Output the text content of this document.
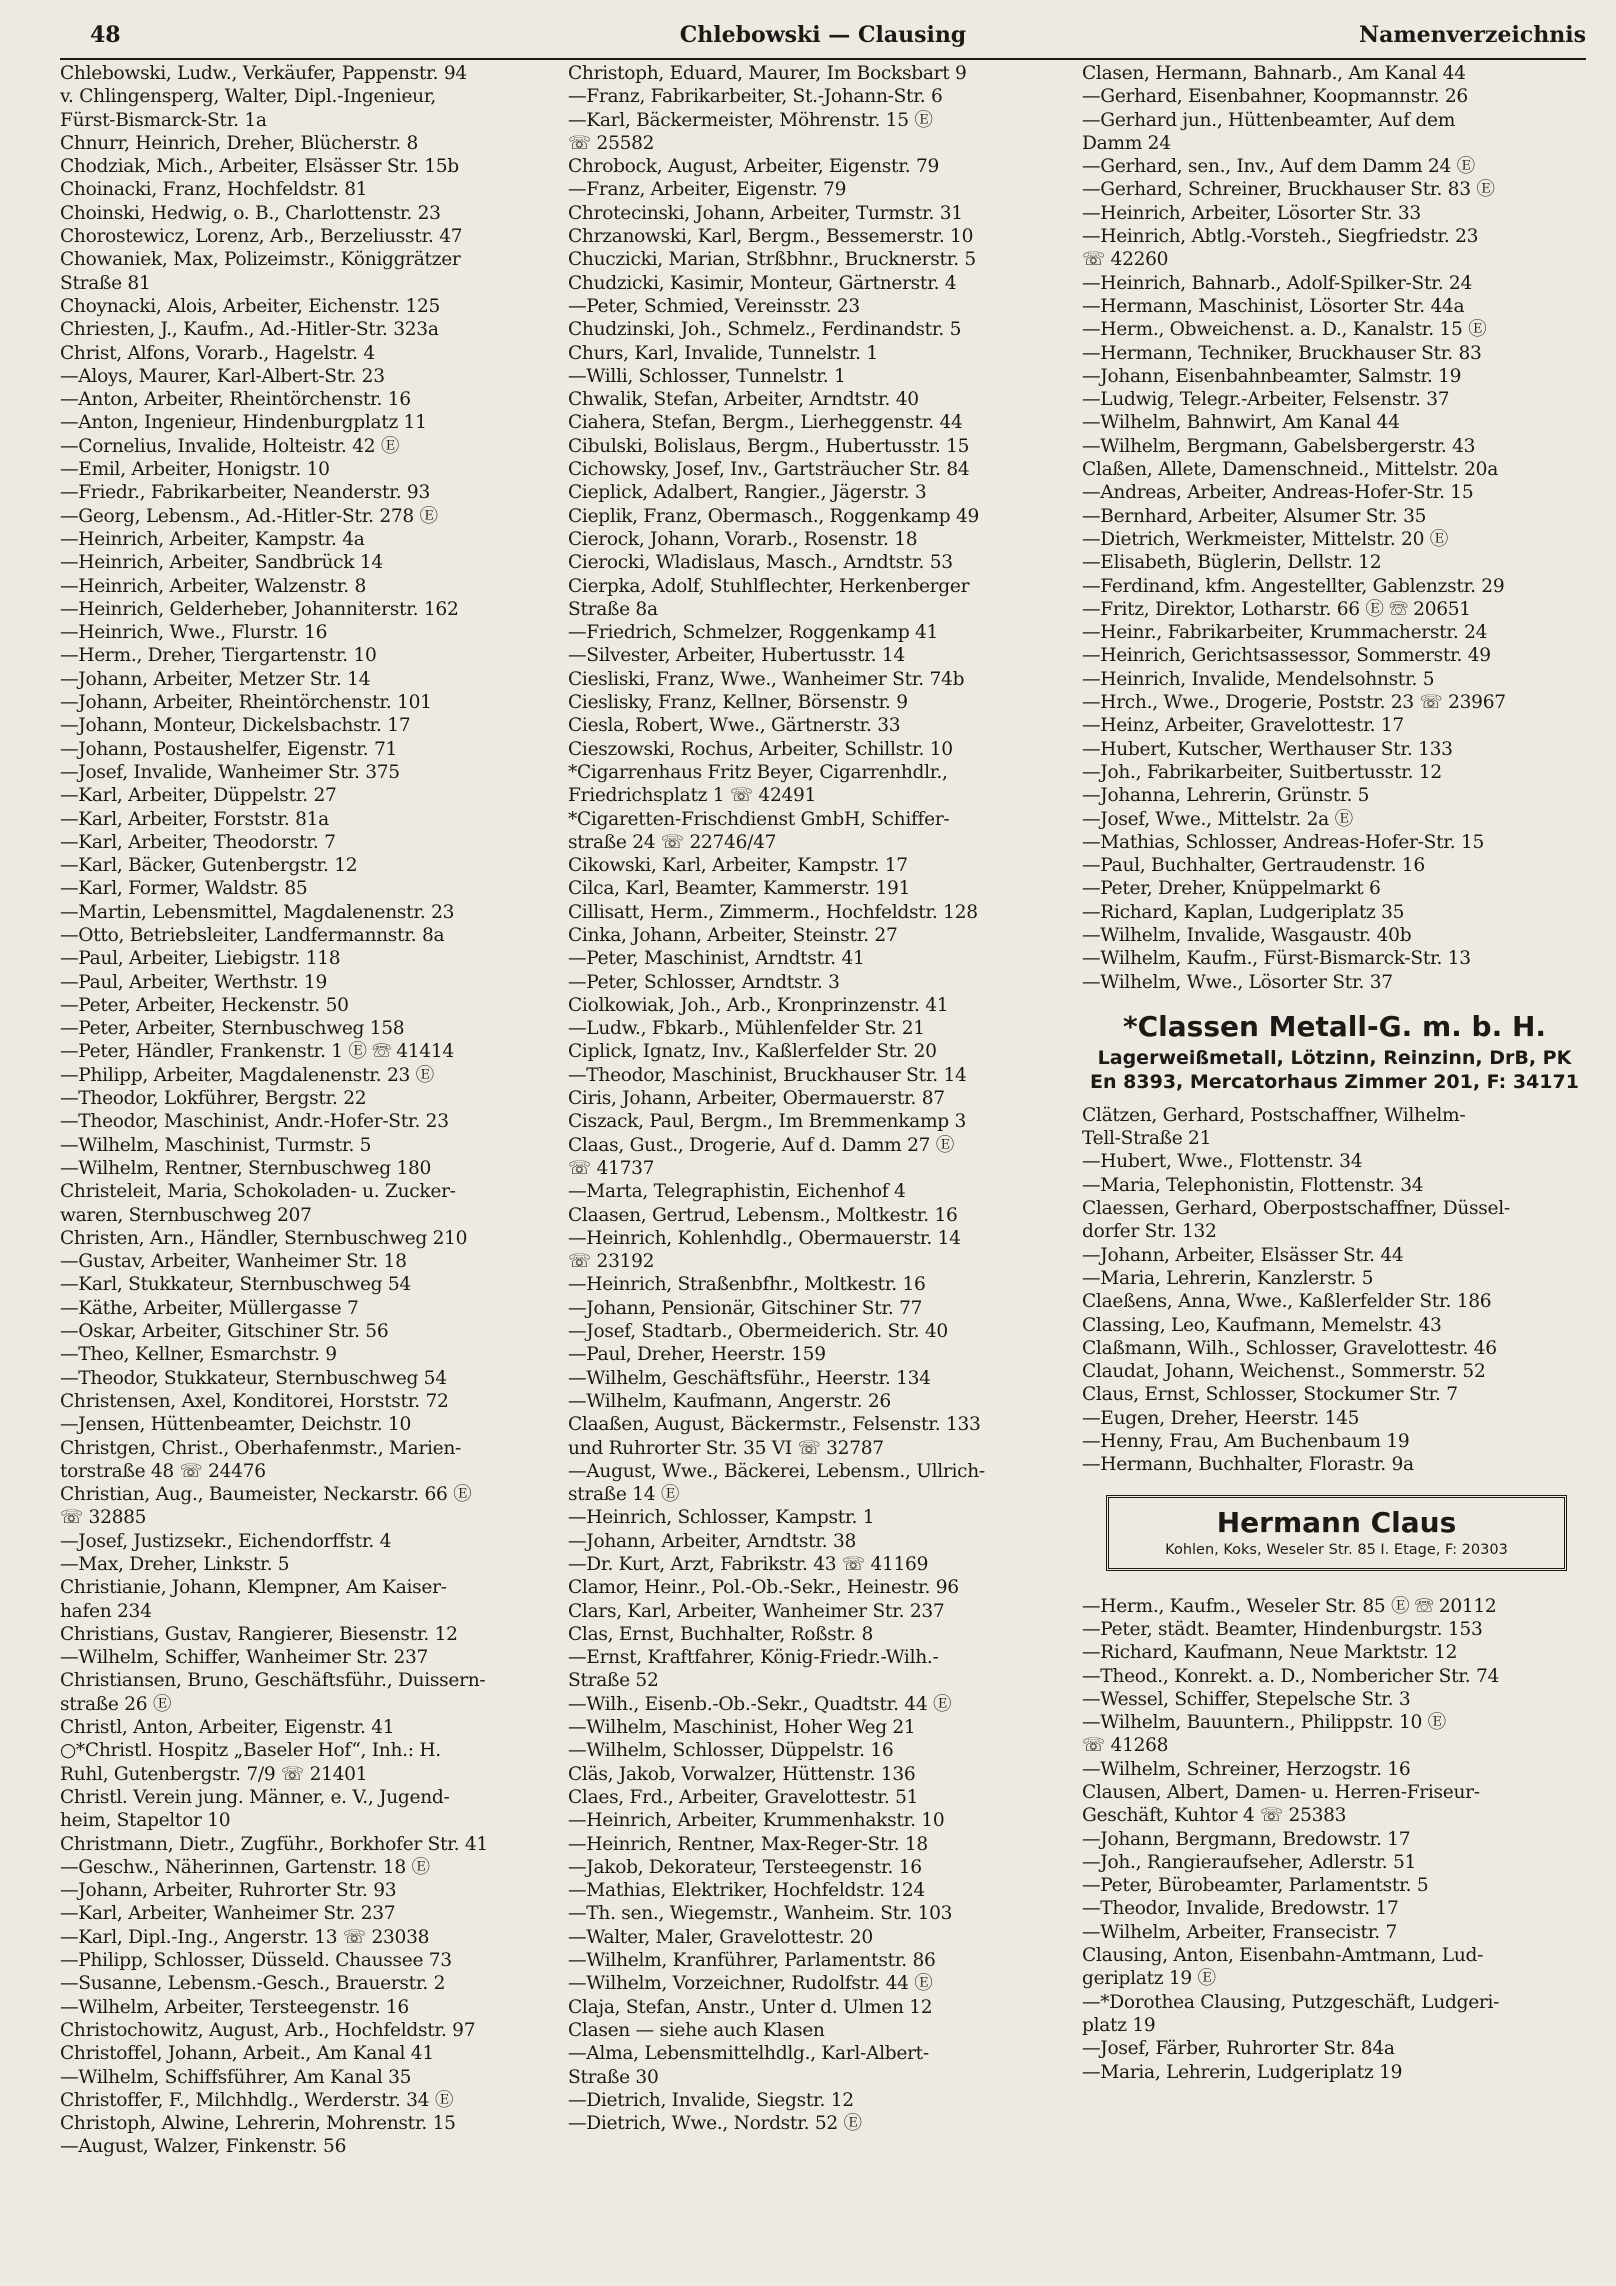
48	Chlebowski — Clausing	Namenverzeichnis
Chlebowski, Ludw., Verkäufer, Pappenstr. 94
v. Chlingensperg, Walter, Dipl.-Ingenieur,
Fürst-Bismarck-Str. 1a
Chnurr, Heinrich, Dreher, Blücherstr. 8
Chodziak, Mich., Arbeiter, Elsässer Str. 15b
Choinacki, Franz, Hochfeldstr. 81
Choinski, Hedwig, o. B., Charlottenstr. 23
Chorostewicz, Lorenz, Arb., Berzeliusstr. 47
Chowaniek, Max, Polizeimstr., Königgrätzer
Straße 81
Choynacki, Alois, Arbeiter, Eichenstr. 125
Chriesten, J., Kaufm., Ad.-Hitler-Str. 323a
Christ, Alfons, Vorarb., Hagelstr. 4
—Aloys, Maurer, Karl-Albert-Str. 23
—Anton, Arbeiter, Rheintörchenstr. 16
—Anton, Ingenieur, Hindenburgplatz 11
—Cornelius, Invalide, Holteistr. 42 Ⓔ
—Emil, Arbeiter, Honigstr. 10
—Friedr., Fabrikarbeiter, Neanderstr. 93
—Georg, Lebensm., Ad.-Hitler-Str. 278 Ⓔ
—Heinrich, Arbeiter, Kampstr. 4a
—Heinrich, Arbeiter, Sandbrück 14
—Heinrich, Arbeiter, Walzenstr. 8
—Heinrich, Gelderheber, Johanniterstr. 162
—Heinrich, Wwe., Flurstr. 16
—Herm., Dreher, Tiergartenstr. 10
—Johann, Arbeiter, Metzer Str. 14
—Johann, Arbeiter, Rheintörchenstr. 101
—Johann, Monteur, Dickelsbachstr. 17
—Johann, Postaushelfer, Eigenstr. 71
—Josef, Invalide, Wanheimer Str. 375
—Karl, Arbeiter, Düppelstr. 27
—Karl, Arbeiter, Forststr. 81a
—Karl, Arbeiter, Theodorstr. 7
—Karl, Bäcker, Gutenbergstr. 12
—Karl, Former, Waldstr. 85
—Martin, Lebensmittel, Magdalenenstr. 23
—Otto, Betriebsleiter, Landfermannstr. 8a
—Paul, Arbeiter, Liebigstr. 118
—Paul, Arbeiter, Werthstr. 19
—Peter, Arbeiter, Heckenstr. 50
—Peter, Arbeiter, Sternbuschweg 158
—Peter, Händler, Frankenstr. 1 Ⓔ ☏ 41414
—Philipp, Arbeiter, Magdalenenstr. 23 Ⓔ
—Theodor, Lokführer, Bergstr. 22
—Theodor, Maschinist, Andr.-Hofer-Str. 23
—Wilhelm, Maschinist, Turmstr. 5
—Wilhelm, Rentner, Sternbuschweg 180
Christeleit, Maria, Schokoladen- u. Zucker-
waren, Sternbuschweg 207
Christen, Arn., Händler, Sternbuschweg 210
—Gustav, Arbeiter, Wanheimer Str. 18
—Karl, Stukkateur, Sternbuschweg 54
—Käthe, Arbeiter, Müllergasse 7
—Oskar, Arbeiter, Gitschiner Str. 56
—Theo, Kellner, Esmarchstr. 9
—Theodor, Stukkateur, Sternbuschweg 54
Christensen, Axel, Konditorei, Horststr. 72
—Jensen, Hüttenbeamter, Deichstr. 10
Christgen, Christ., Oberhafenmstr., Marien-
torstraße 48 ☏ 24476
Christian, Aug., Baumeister, Neckarstr. 66 Ⓔ
☏ 32885
—Josef, Justizsekr., Eichendorffstr. 4
—Max, Dreher, Linkstr. 5
Christianie, Johann, Klempner, Am Kaiser-
hafen 234
Christians, Gustav, Rangierer, Biesenstr. 12
—Wilhelm, Schiffer, Wanheimer Str. 237
Christiansen, Bruno, Geschäftsführ., Duissern-
straße 26 Ⓔ
Christl, Anton, Arbeiter, Eigenstr. 41
○*Christl. Hospitz „Baseler Hof“, Inh.: H.
Ruhl, Gutenbergstr. 7/9 ☏ 21401
Christl. Verein jung. Männer, e. V., Jugend-
heim, Stapeltor 10
Christmann, Dietr., Zugführ., Borkhofer Str. 41
—Geschw., Näherinnen, Gartenstr. 18 Ⓔ
—Johann, Arbeiter, Ruhrorter Str. 93
—Karl, Arbeiter, Wanheimer Str. 237
—Karl, Dipl.-Ing., Angerstr. 13 ☏ 23038
—Philipp, Schlosser, Düsseld. Chaussee 73
—Susanne, Lebensm.-Gesch., Brauerstr. 2
—Wilhelm, Arbeiter, Tersteegenstr. 16
Christochowitz, August, Arb., Hochfeldstr. 97
Christoffel, Johann, Arbeit., Am Kanal 41
—Wilhelm, Schiffsführer, Am Kanal 35
Christoffer, F., Milchhdlg., Werderstr. 34 Ⓔ
Christoph, Alwine, Lehrerin, Mohrenstr. 15
—August, Walzer, Finkenstr. 56
Christoph, Eduard, Maurer, Im Bocksbart 9
—Franz, Fabrikarbeiter, St.-Johann-Str. 6
—Karl, Bäckermeister, Möhrenstr. 15 Ⓔ
☏ 25582
Chrobock, August, Arbeiter, Eigenstr. 79
—Franz, Arbeiter, Eigenstr. 79
Chrotecinski, Johann, Arbeiter, Turmstr. 31
Chrzanowski, Karl, Bergm., Bessemerstr. 10
Chuczicki, Marian, Strßbhnr., Brucknerstr. 5
Chudzicki, Kasimir, Monteur, Gärtnerstr. 4
—Peter, Schmied, Vereinsstr. 23
Chudzinski, Joh., Schmelz., Ferdinandstr. 5
Churs, Karl, Invalide, Tunnelstr. 1
—Willi, Schlosser, Tunnelstr. 1
Chwalik, Stefan, Arbeiter, Arndtstr. 40
Ciahera, Stefan, Bergm., Lierheggenstr. 44
Cibulski, Bolislaus, Bergm., Hubertusstr. 15
Cichowsky, Josef, Inv., Gartsträucher Str. 84
Cieplick, Adalbert, Rangier., Jägerstr. 3
Cieplik, Franz, Obermasch., Roggenkamp 49
Cierock, Johann, Vorarb., Rosenstr. 18
Cierocki, Wladislaus, Masch., Arndtstr. 53
Cierpka, Adolf, Stuhlflechter, Herkenberger
Straße 8a
—Friedrich, Schmelzer, Roggenkamp 41
—Silvester, Arbeiter, Hubertusstr. 14
Ciesliski, Franz, Wwe., Wanheimer Str. 74b
Cieslisky, Franz, Kellner, Börsenstr. 9
Ciesla, Robert, Wwe., Gärtnerstr. 33
Cieszowski, Rochus, Arbeiter, Schillstr. 10
*Cigarrenhaus Fritz Beyer, Cigarrenhdlr.,
Friedrichsplatz 1 ☏ 42491
*Cigaretten-Frischdienst GmbH, Schiffer-
straße 24 ☏ 22746/47
Cikowski, Karl, Arbeiter, Kampstr. 17
Cilca, Karl, Beamter, Kammerstr. 191
Cillisatt, Herm., Zimmerm., Hochfeldstr. 128
Cinka, Johann, Arbeiter, Steinstr. 27
—Peter, Maschinist, Arndtstr. 41
—Peter, Schlosser, Arndtstr. 3
Ciolkowiak, Joh., Arb., Kronprinzenstr. 41
—Ludw., Fbkarb., Mühlenfelder Str. 21
Ciplick, Ignatz, Inv., Kaßlerfelder Str. 20
—Theodor, Maschinist, Bruckhauser Str. 14
Ciris, Johann, Arbeiter, Obermauerstr. 87
Ciszack, Paul, Bergm., Im Bremmenkamp 3
Claas, Gust., Drogerie, Auf d. Damm 27 Ⓔ
☏ 41737
—Marta, Telegraphistin, Eichenhof 4
Claasen, Gertrud, Lebensm., Moltkestr. 16
—Heinrich, Kohlenhdlg., Obermauerstr. 14
☏ 23192
—Heinrich, Straßenbfhr., Moltkestr. 16
—Johann, Pensionär, Gitschiner Str. 77
—Josef, Stadtarb., Obermeiderich. Str. 40
—Paul, Dreher, Heerstr. 159
—Wilhelm, Geschäftsführ., Heerstr. 134
—Wilhelm, Kaufmann, Angerstr. 26
Claaßen, August, Bäckermstr., Felsenstr. 133
und Ruhrorter Str. 35 VI ☏ 32787
—August, Wwe., Bäckerei, Lebensm., Ullrich-
straße 14 Ⓔ
—Heinrich, Schlosser, Kampstr. 1
—Johann, Arbeiter, Arndtstr. 38
—Dr. Kurt, Arzt, Fabrikstr. 43 ☏ 41169
Clamor, Heinr., Pol.-Ob.-Sekr., Heinestr. 96
Clars, Karl, Arbeiter, Wanheimer Str. 237
Clas, Ernst, Buchhalter, Roßstr. 8
—Ernst, Kraftfahrer, König-Friedr.-Wilh.-
Straße 52
—Wilh., Eisenb.-Ob.-Sekr., Quadtstr. 44 Ⓔ
—Wilhelm, Maschinist, Hoher Weg 21
—Wilhelm, Schlosser, Düppelstr. 16
Cläs, Jakob, Vorwalzer, Hüttenstr. 136
Claes, Frd., Arbeiter, Gravelottestr. 51
—Heinrich, Arbeiter, Krummenhakstr. 10
—Heinrich, Rentner, Max-Reger-Str. 18
—Jakob, Dekorateur, Tersteegenstr. 16
—Mathias, Elektriker, Hochfeldstr. 124
—Th. sen., Wiegemstr., Wanheim. Str. 103
—Walter, Maler, Gravelottestr. 20
—Wilhelm, Kranführer, Parlamentstr. 86
—Wilhelm, Vorzeichner, Rudolfstr. 44 Ⓔ
Claja, Stefan, Anstr., Unter d. Ulmen 12
Clasen — siehe auch Klasen
—Alma, Lebensmittelhdlg., Karl-Albert-
Straße 30
—Dietrich, Invalide, Siegstr. 12
—Dietrich, Wwe., Nordstr. 52 Ⓔ
Clasen, Hermann, Bahnarb., Am Kanal 44
—Gerhard, Eisenbahner, Koopmannstr. 26
—Gerhard jun., Hüttenbeamter, Auf dem
Damm 24
—Gerhard, sen., Inv., Auf dem Damm 24 Ⓔ
—Gerhard, Schreiner, Bruckhauser Str. 83 Ⓔ
—Heinrich, Arbeiter, Lösorter Str. 33
—Heinrich, Abtlg.-Vorsteh., Siegfriedstr. 23
☏ 42260
—Heinrich, Bahnarb., Adolf-Spilker-Str. 24
—Hermann, Maschinist, Lösorter Str. 44a
—Herm., Obweichenst. a. D., Kanalstr. 15 Ⓔ
—Hermann, Techniker, Bruckhauser Str. 83
—Johann, Eisenbahnbeamter, Salmstr. 19
—Ludwig, Telegr.-Arbeiter, Felsenstr. 37
—Wilhelm, Bahnwirt, Am Kanal 44
—Wilhelm, Bergmann, Gabelsbergerstr. 43
Claßen, Allete, Damenschneid., Mittelstr. 20a
—Andreas, Arbeiter, Andreas-Hofer-Str. 15
—Bernhard, Arbeiter, Alsumer Str. 35
—Dietrich, Werkmeister, Mittelstr. 20 Ⓔ
—Elisabeth, Büglerin, Dellstr. 12
—Ferdinand, kfm. Angestellter, Gablenzstr. 29
—Fritz, Direktor, Lotharstr. 66 Ⓔ ☏ 20651
—Heinr., Fabrikarbeiter, Krummacherstr. 24
—Heinrich, Gerichtsassessor, Sommerstr. 49
—Heinrich, Invalide, Mendelsohnstr. 5
—Hrch., Wwe., Drogerie, Poststr. 23 ☏ 23967
—Heinz, Arbeiter, Gravelottestr. 17
—Hubert, Kutscher, Werthauser Str. 133
—Joh., Fabrikarbeiter, Suitbertusstr. 12
—Johanna, Lehrerin, Grünstr. 5
—Josef, Wwe., Mittelstr. 2a Ⓔ
—Mathias, Schlosser, Andreas-Hofer-Str. 15
—Paul, Buchhalter, Gertraudenstr. 16
—Peter, Dreher, Knüppelmarkt 6
—Richard, Kaplan, Ludgeriplatz 35
—Wilhelm, Invalide, Wasgaustr. 40b
—Wilhelm, Kaufm., Fürst-Bismarck-Str. 13
—Wilhelm, Wwe., Lösorter Str. 37
*Classen Metall-G. m. b. H.
Lagerweißmetall, Lötzinn, Reinzinn, DrB, PK En 8393, Mercatorhaus Zimmer 201, F: 34171
Clätzen, Gerhard, Postschaffner, Wilhelm-
Tell-Straße 21
—Hubert, Wwe., Flottenstr. 34
—Maria, Telephonistin, Flottenstr. 34
Claessen, Gerhard, Oberpostschaffner, Düssel-
dorfer Str. 132
—Johann, Arbeiter, Elsässer Str. 44
—Maria, Lehrerin, Kanzlerstr. 5
Claeßens, Anna, Wwe., Kaßlerfelder Str. 186
Classing, Leo, Kaufmann, Memelstr. 43
Claßmann, Wilh., Schlosser, Gravelottestr. 46
Claudat, Johann, Weichenst., Sommerstr. 52
Claus, Ernst, Schlosser, Stockumer Str. 7
—Eugen, Dreher, Heerstr. 145
—Henny, Frau, Am Buchenbaum 19
—Hermann, Buchhalter, Florastr. 9a
Hermann Claus
Kohlen, Koks, Weseler Str. 85 I. Etage, F: 20303
—Herm., Kaufm., Weseler Str. 85 Ⓔ ☏ 20112
—Peter, städt. Beamter, Hindenburgstr. 153
—Richard, Kaufmann, Neue Marktstr. 12
—Theod., Konrekt. a. D., Nombericher Str. 74
—Wessel, Schiffer, Stepelsche Str. 3
—Wilhelm, Bauuntern., Philippstr. 10 Ⓔ
☏ 41268
—Wilhelm, Schreiner, Herzogstr. 16
Clausen, Albert, Damen- u. Herren-Friseur-
Geschäft, Kuhtor 4 ☏ 25383
—Johann, Bergmann, Bredowstr. 17
—Joh., Rangieraufseher, Adlerstr. 51
—Peter, Bürobeamter, Parlamentstr. 5
—Theodor, Invalide, Bredowstr. 17
—Wilhelm, Arbeiter, Fransecistr. 7
Clausing, Anton, Eisenbahn-Amtmann, Lud-
geriplatz 19 Ⓔ
—*Dorothea Clausing, Putzgeschäft, Ludgeri-
platz 19
—Josef, Färber, Ruhrorter Str. 84a
—Maria, Lehrerin, Ludgeriplatz 19
